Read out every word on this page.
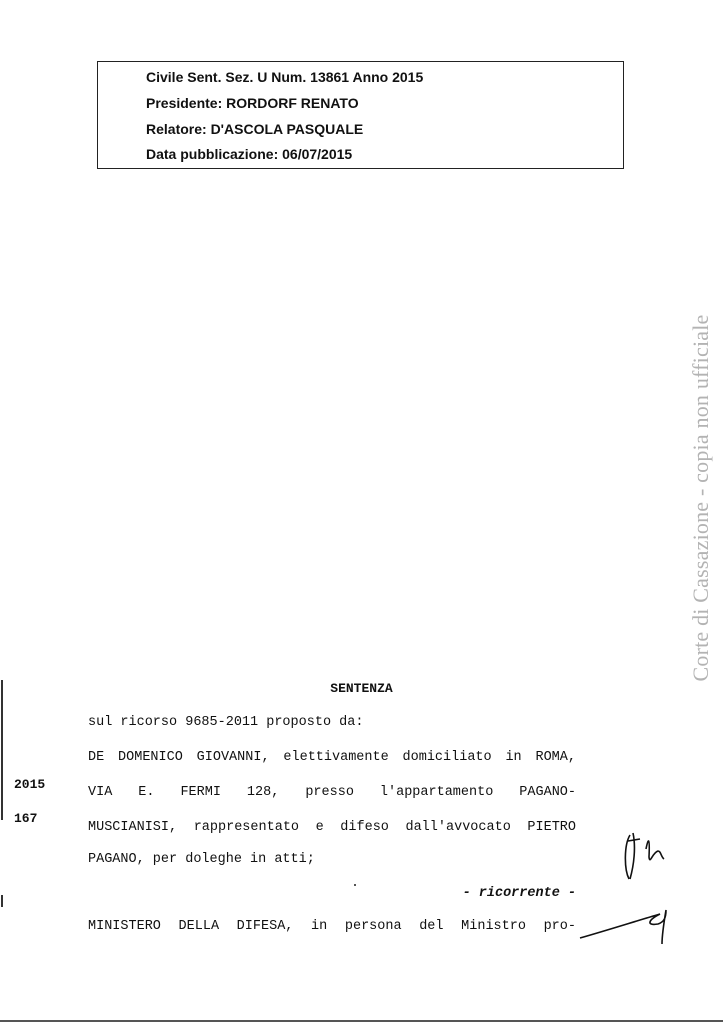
Civile Sent. Sez. U Num. 13861 Anno 2015
Presidente: RORDORF RENATO
Relatore: D'ASCOLA PASQUALE
Data pubblicazione: 06/07/2015
Corte di Cassazione - copia non ufficiale
SENTENZA
sul ricorso 9685-2011 proposto da:
DE DOMENICO GIOVANNI, elettivamente domiciliato in ROMA,
VIA E. FERMI 128, presso l'appartamento PAGANO-
MUSCIANISI, rappresentato e difeso dall'avvocato PIETRO
PAGANO, per doleghe in atti;
- ricorrente -
MINISTERO DELLA DIFESA, in persona del Ministro pro-
2015
167
